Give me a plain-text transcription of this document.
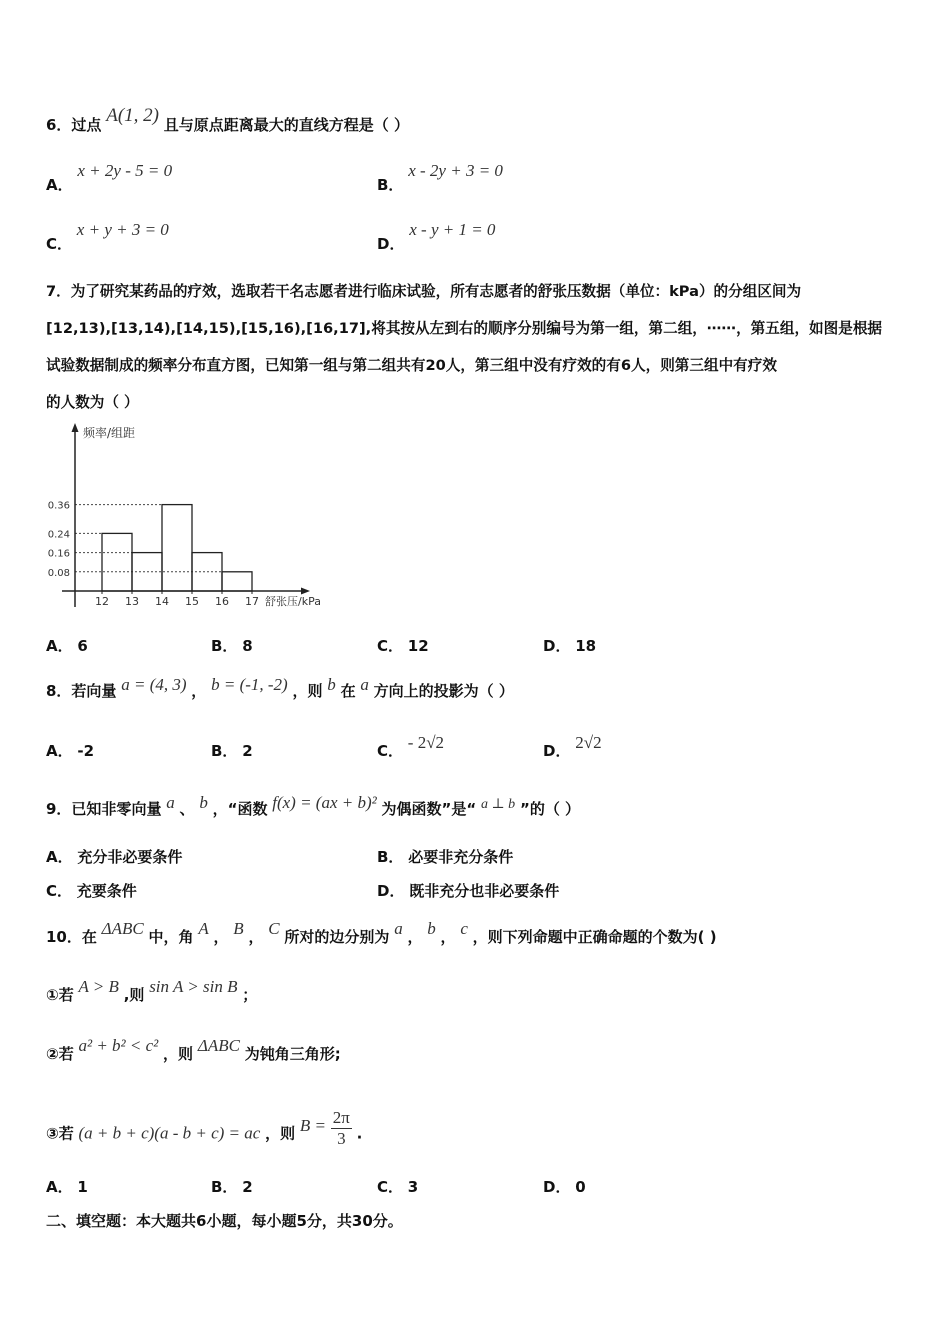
6．过点 A(1, 2) 且与原点距离最大的直线方程是（ ）
A． x + 2y - 5 = 0
B． x - 2y + 3 = 0
C． x + y + 3 = 0
D． x - y + 1 = 0
7．为了研究某药品的疗效，选取若干名志愿者进行临床试验，所有志愿者的舒张压数据（单位：kPa）的分组区间为
[12,13),[13,14),[14,15),[15,16),[16,17],将其按从左到右的顺序分别编号为第一组，第二组，⋯⋯，第五组，如图是根据
试验数据制成的频率分布直方图，已知第一组与第二组共有20人，第三组中没有疗效的有6人，则第三组中有疗效
的人数为（ ）
0.08
0.16
0.24
0.36
12 13 14 15 16 17
频率/组距
舒张压/kPa
A． 6	B． 8	C． 12	D． 18
8．若向量 a = (4, 3) ， b = (-1, -2) ，则 b 在 a 方向上的投影为（ ）
A． -2	B． 2	C． - 2√2	D． 2√2
9．已知非零向量 a 、 b ，“函数 f(x) = (ax + b)² 为偶函数”是“ a ⊥ b ”的（ ）
A． 充分非必要条件	B． 必要非充分条件
C． 充要条件	D． 既非充分也非必要条件
10．在 ΔABC 中，角 A ， B ， C 所对的边分别为 a ， b ， c ，则下列命题中正确命题的个数为( )
①若 A > B ,则 sin A > sin B ；
②若 a² + b² < c² ，则 ΔABC 为钝角三角形;
③若 (a + b + c)(a - b + c) = ac ，则 $B = \frac{2\pi}{3}$ .
A． 1	B． 2	C． 3	D． 0
二、填空题：本大题共6小题，每小题5分，共30分。
